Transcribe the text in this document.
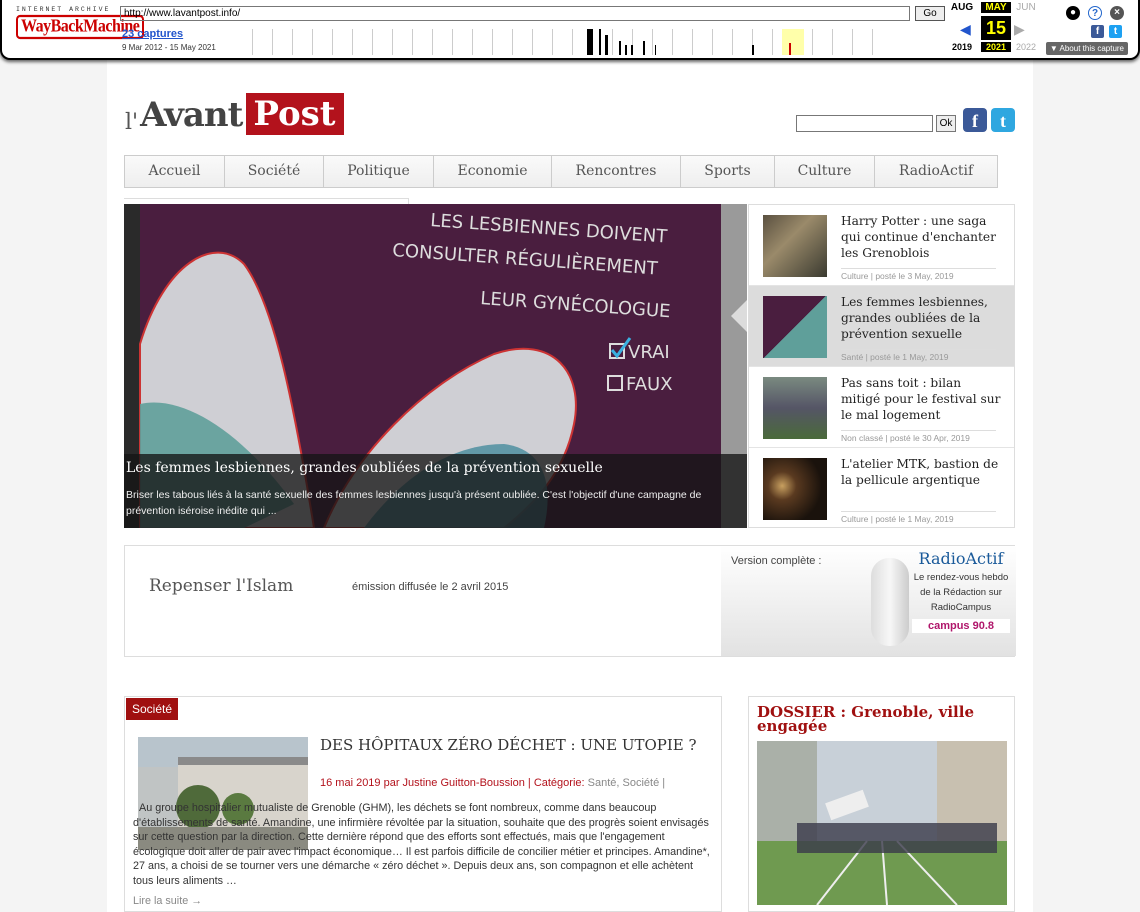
INTERNET ARCHIVE
WayBackMachine
http://www.lavantpost.info/	Go
23 captures
9 Mar 2012 - 15 May 2021
AUG	MAY JUN
◀ 15 ▶
2019	2021	2022
●	?	×
f	t
▼ About this capture
l' Avant Post	Ok	f	t
Accueil	Société	Politique	Economie	Rencontres	Sports	Culture	RadioActif
LES LESBIENNES DOIVENT
CONSULTER RÉGULIÈREMENT
LEUR GYNÉCOLOGUE
VRAI
FAUX
Les femmes lesbiennes, grandes oubliées de la prévention sexuelle
Briser les tabous liés à la santé sexuelle des femmes lesbiennes jusqu'à présent oubliée. C'est l'objectif d'une campagne de prévention iséroise inédite qui ...
Harry Potter : une saga qui continue d'enchanter les Grenoblois
Culture | posté le 3 May, 2019
Les femmes lesbiennes, grandes oubliées de la prévention sexuelle
Santé | posté le 1 May, 2019
Pas sans toit : bilan mitigé pour le festival sur le mal logement
Non classé | posté le 30 Apr, 2019
L'atelier MTK, bastion de la pellicule argentique
Culture | posté le 1 May, 2019
Repenser l'Islam	émission diffusée le 2 avril 2015
Version complète :	RadioActif
Le rendez-vous hebdo de la Rédaction sur RadioCampus
campus 90.8
Société
DES HÔPITAUX ZÉRO DÉCHET : UNE UTOPIE ?
16 mai 2019 par Justine Guitton-Boussion | Catégorie: Santé, Société |
Au groupe hospitalier mutualiste de Grenoble (GHM), les déchets se font nombreux, comme dans beaucoup d'établissements de santé. Amandine, une infirmière révoltée par la situation, souhaite que des progrès soient envisagés sur cette question par la direction. Cette dernière répond que des efforts sont effectués, mais que l'engagement écologique doit aller de pair avec l'impact économique… Il est parfois difficile de concilier métier et principes. Amandine*, 27 ans, a choisi de se tourner vers une démarche « zéro déchet ». Depuis deux ans, son compagnon et elle achètent tous leurs aliments …
DOSSIER : Grenoble, ville engagée
Lire la suite →
